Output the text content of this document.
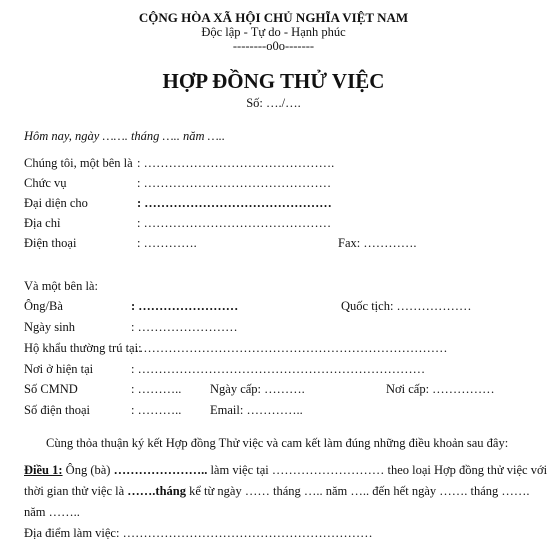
CỘNG HÒA XÃ HỘI CHỦ NGHĨA VIỆT NAM
Độc lập - Tự do - Hạnh phúc
--------o0o-------
HỢP ĐỒNG THỬ VIỆC
Số: …./….
Hôm nay, ngày ……. tháng ….. năm …..
Chúng tôi, một bên là : ……………………………………….
Chức vụ	: ………………………………………
Đại diện cho	: ………………………………………
Địa chỉ	: ………………………………………
Điện thoại	: ………….	Fax: ………….
Và một bên là:
Ông/Bà	: ……………………	Quốc tịch: ………………
Ngày sinh	: ……………………
Hộ khẩu thường trú tại:
…………………………………………………………………
Nơi ở hiện tại	: ……………………………………………………………
Số CMND	: ……….. Ngày cấp: ……….	Nơi cấp: ……………
Số điện thoại	: ……….. Email: …………..
Cùng thỏa thuận ký kết Hợp đồng Thử việc và cam kết làm đúng những điều khoản sau đây:
Điều 1: Ông (bà) ………………….. làm việc tại ……………………… theo loại Hợp đồng thử việc với
thời gian thử việc là …….tháng kể từ ngày …… tháng ….. năm ….. đến hết ngày ……. tháng …….
năm ……..
Địa điểm làm việc: ……………………………………………………
